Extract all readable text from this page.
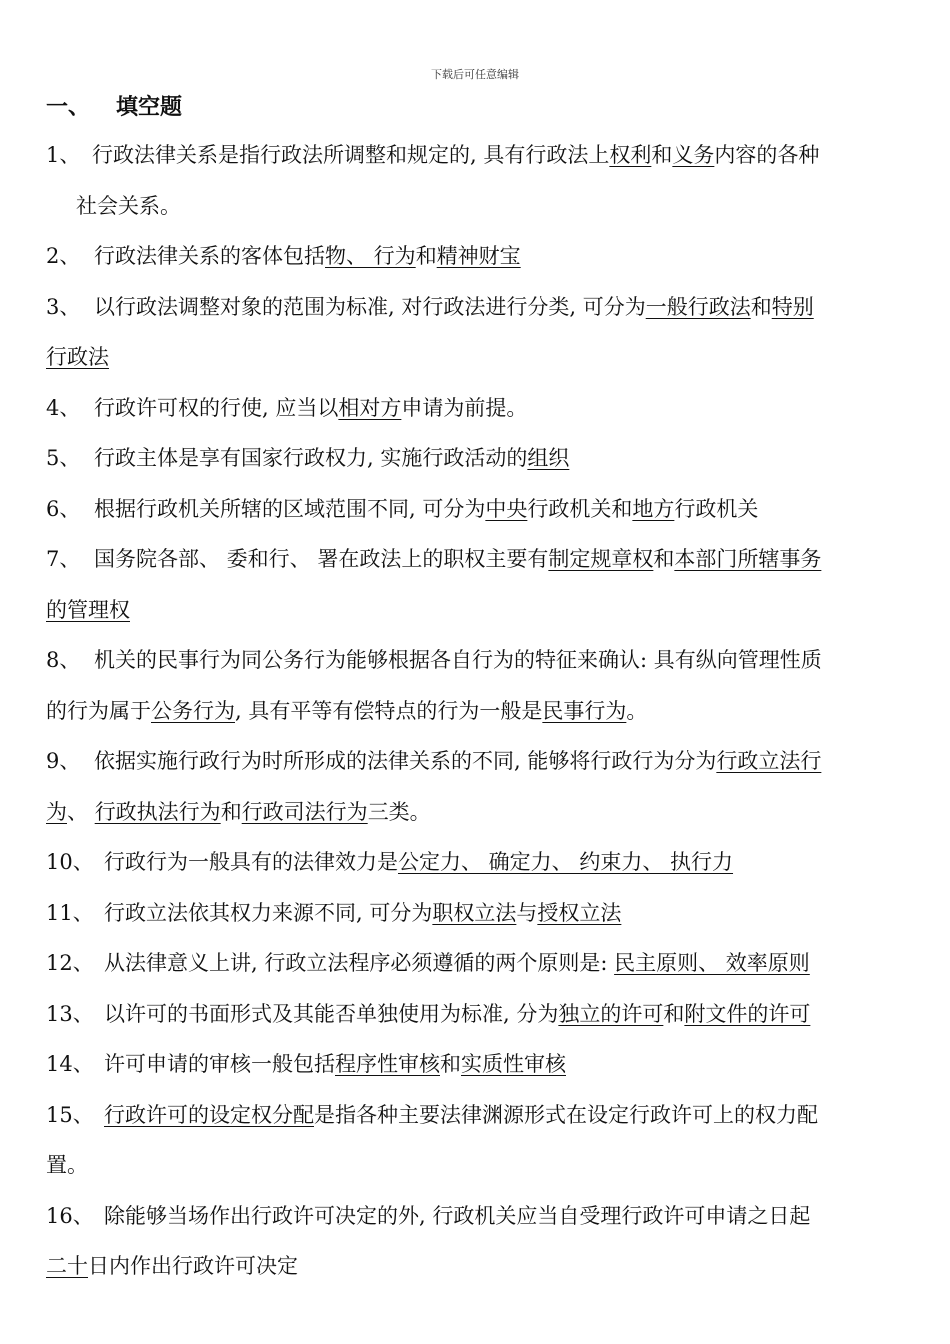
下载后可任意编辑
一、 填空题
1、 行政法律关系是指行政法所调整和规定的, 具有行政法上权利和义务内容的各种
社会关系。
2、 行政法律关系的客体包括物、 行为和精神财宝
3、 以行政法调整对象的范围为标准, 对行政法进行分类, 可分为一般行政法和特别
行政法
4、 行政许可权的行使, 应当以相对方申请为前提。
5、 行政主体是享有国家行政权力, 实施行政活动的组织
6、 根据行政机关所辖的区域范围不同, 可分为中央行政机关和地方行政机关
7、 国务院各部、 委和行、 署在政法上的职权主要有制定规章权和本部门所辖事务
的管理权
8、 机关的民事行为同公务行为能够根据各自行为的特征来确认: 具有纵向管理性质
的行为属于公务行为, 具有平等有偿特点的行为一般是民事行为。
9、 依据实施行政行为时所形成的法律关系的不同, 能够将行政行为分为行政立法行
为、 行政执法行为和行政司法行为三类。
10、 行政行为一般具有的法律效力是公定力、 确定力、 约束力、 执行力
11、 行政立法依其权力来源不同, 可分为职权立法与授权立法
12、 从法律意义上讲, 行政立法程序必须遵循的两个原则是: 民主原则、 效率原则
13、 以许可的书面形式及其能否单独使用为标准, 分为独立的许可和附文件的许可
14、 许可申请的审核一般包括程序性审核和实质性审核
15、 行政许可的设定权分配是指各种主要法律渊源形式在设定行政许可上的权力配
置。
16、 除能够当场作出行政许可决定的外, 行政机关应当自受理行政许可申请之日起
二十日内作出行政许可决定
